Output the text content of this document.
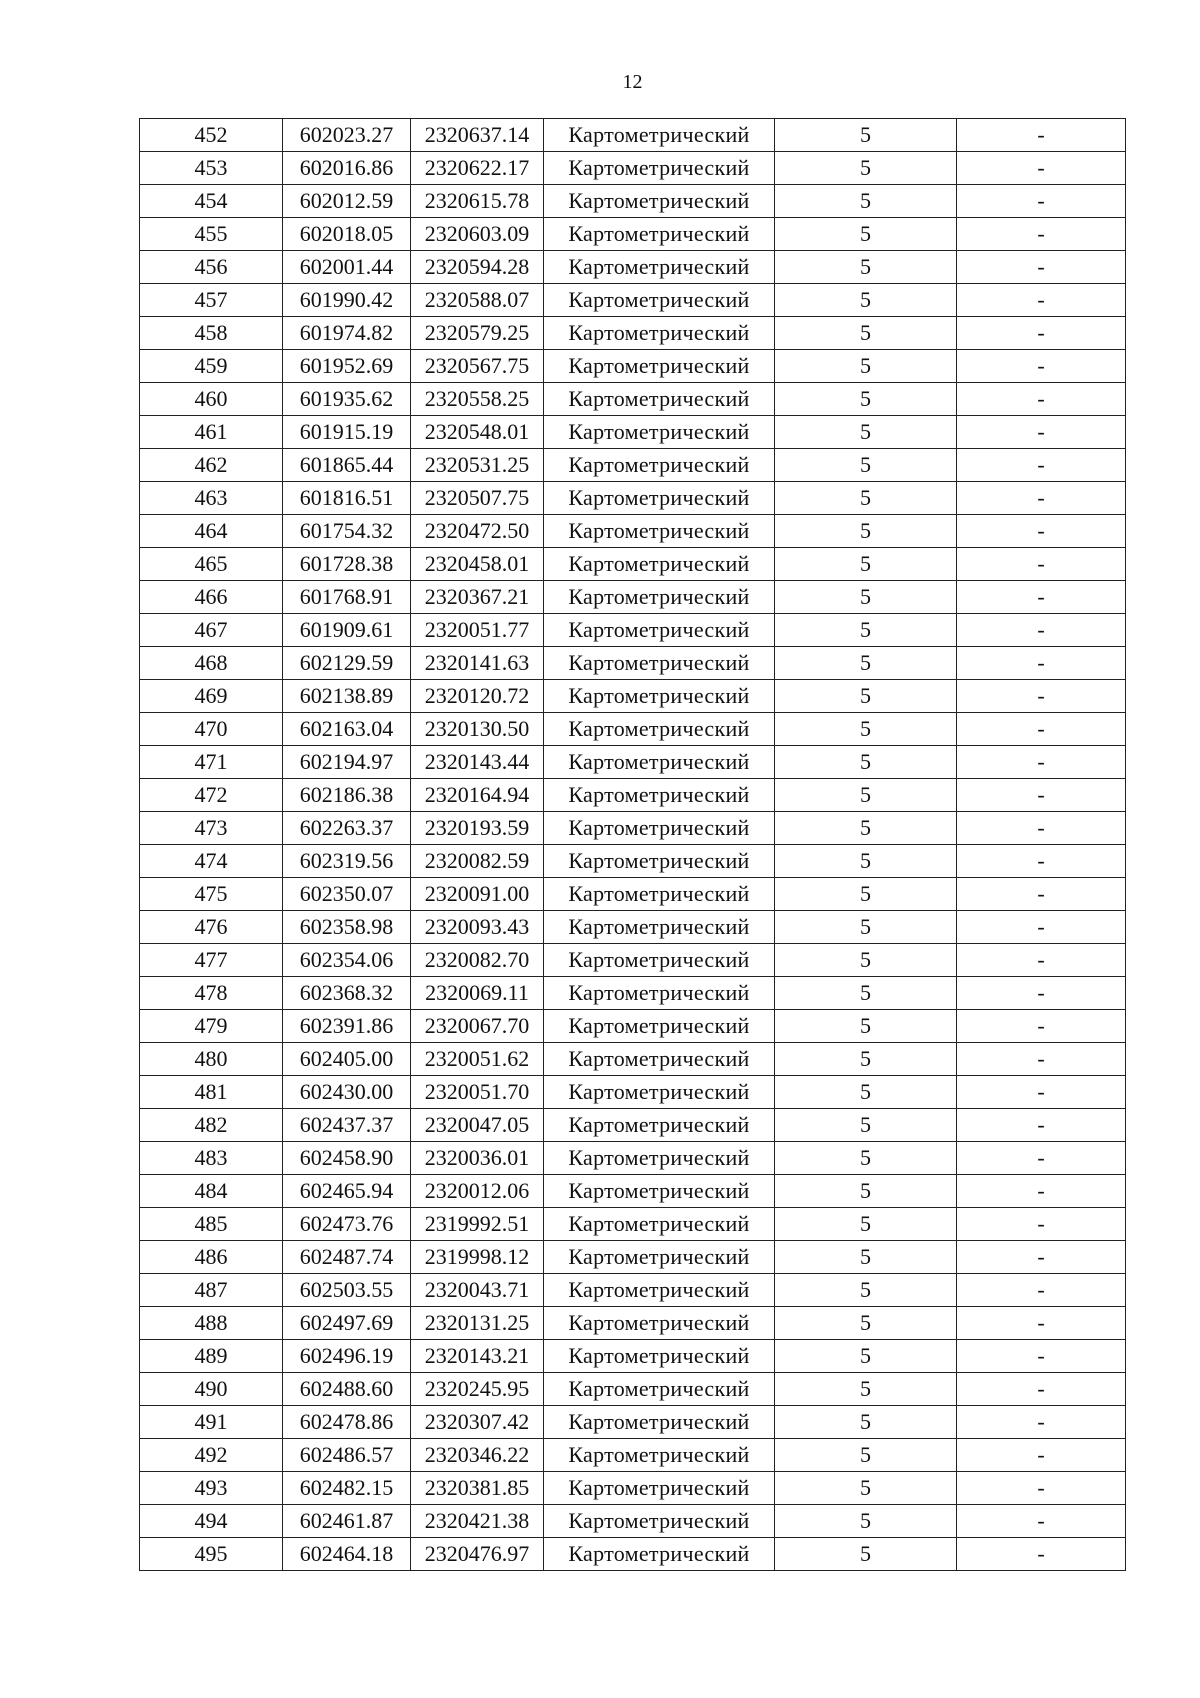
12
452	602023.27	2320637.14	Картометрический	5	-
453	602016.86	2320622.17	Картометрический	5	-
454	602012.59	2320615.78	Картометрический	5	-
455	602018.05	2320603.09	Картометрический	5	-
456	602001.44	2320594.28	Картометрический	5	-
457	601990.42	2320588.07	Картометрический	5	-
458	601974.82	2320579.25	Картометрический	5	-
459	601952.69	2320567.75	Картометрический	5	-
460	601935.62	2320558.25	Картометрический	5	-
461	601915.19	2320548.01	Картометрический	5	-
462	601865.44	2320531.25	Картометрический	5	-
463	601816.51	2320507.75	Картометрический	5	-
464	601754.32	2320472.50	Картометрический	5	-
465	601728.38	2320458.01	Картометрический	5	-
466	601768.91	2320367.21	Картометрический	5	-
467	601909.61	2320051.77	Картометрический	5	-
468	602129.59	2320141.63	Картометрический	5	-
469	602138.89	2320120.72	Картометрический	5	-
470	602163.04	2320130.50	Картометрический	5	-
471	602194.97	2320143.44	Картометрический	5	-
472	602186.38	2320164.94	Картометрический	5	-
473	602263.37	2320193.59	Картометрический	5	-
474	602319.56	2320082.59	Картометрический	5	-
475	602350.07	2320091.00	Картометрический	5	-
476	602358.98	2320093.43	Картометрический	5	-
477	602354.06	2320082.70	Картометрический	5	-
478	602368.32	2320069.11	Картометрический	5	-
479	602391.86	2320067.70	Картометрический	5	-
480	602405.00	2320051.62	Картометрический	5	-
481	602430.00	2320051.70	Картометрический	5	-
482	602437.37	2320047.05	Картометрический	5	-
483	602458.90	2320036.01	Картометрический	5	-
484	602465.94	2320012.06	Картометрический	5	-
485	602473.76	2319992.51	Картометрический	5	-
486	602487.74	2319998.12	Картометрический	5	-
487	602503.55	2320043.71	Картометрический	5	-
488	602497.69	2320131.25	Картометрический	5	-
489	602496.19	2320143.21	Картометрический	5	-
490	602488.60	2320245.95	Картометрический	5	-
491	602478.86	2320307.42	Картометрический	5	-
492	602486.57	2320346.22	Картометрический	5	-
493	602482.15	2320381.85	Картометрический	5	-
494	602461.87	2320421.38	Картометрический	5	-
495	602464.18	2320476.97	Картометрический	5	-
